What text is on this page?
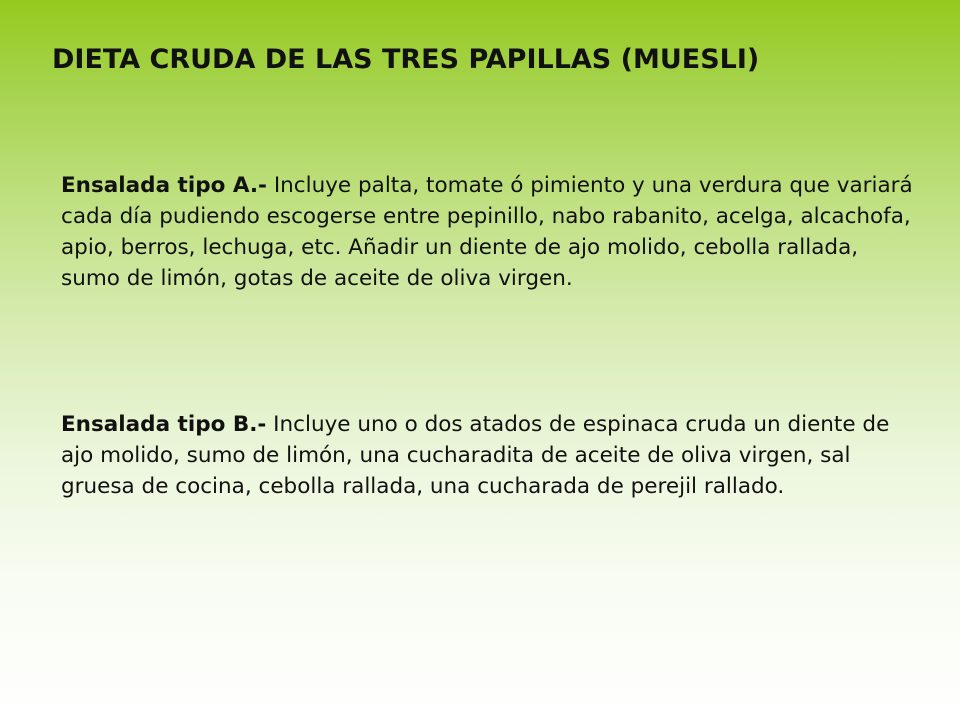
DIETA CRUDA DE LAS TRES PAPILLAS (MUESLI)

Ensalada tipo A.- Incluye palta, tomate ó pimiento y una verdura que variará cada día pudiendo escogerse entre pepinillo, nabo rabanito, acelga, alcachofa, apio, berros, lechuga, etc. Añadir un diente de ajo molido, cebolla rallada, sumo de limón, gotas de aceite de oliva virgen.

Ensalada tipo B.- Incluye uno o dos atados de espinaca cruda un diente de ajo molido, sumo de limón, una cucharadita de aceite de oliva virgen, sal gruesa de cocina, cebolla rallada, una cucharada de perejil rallado.
